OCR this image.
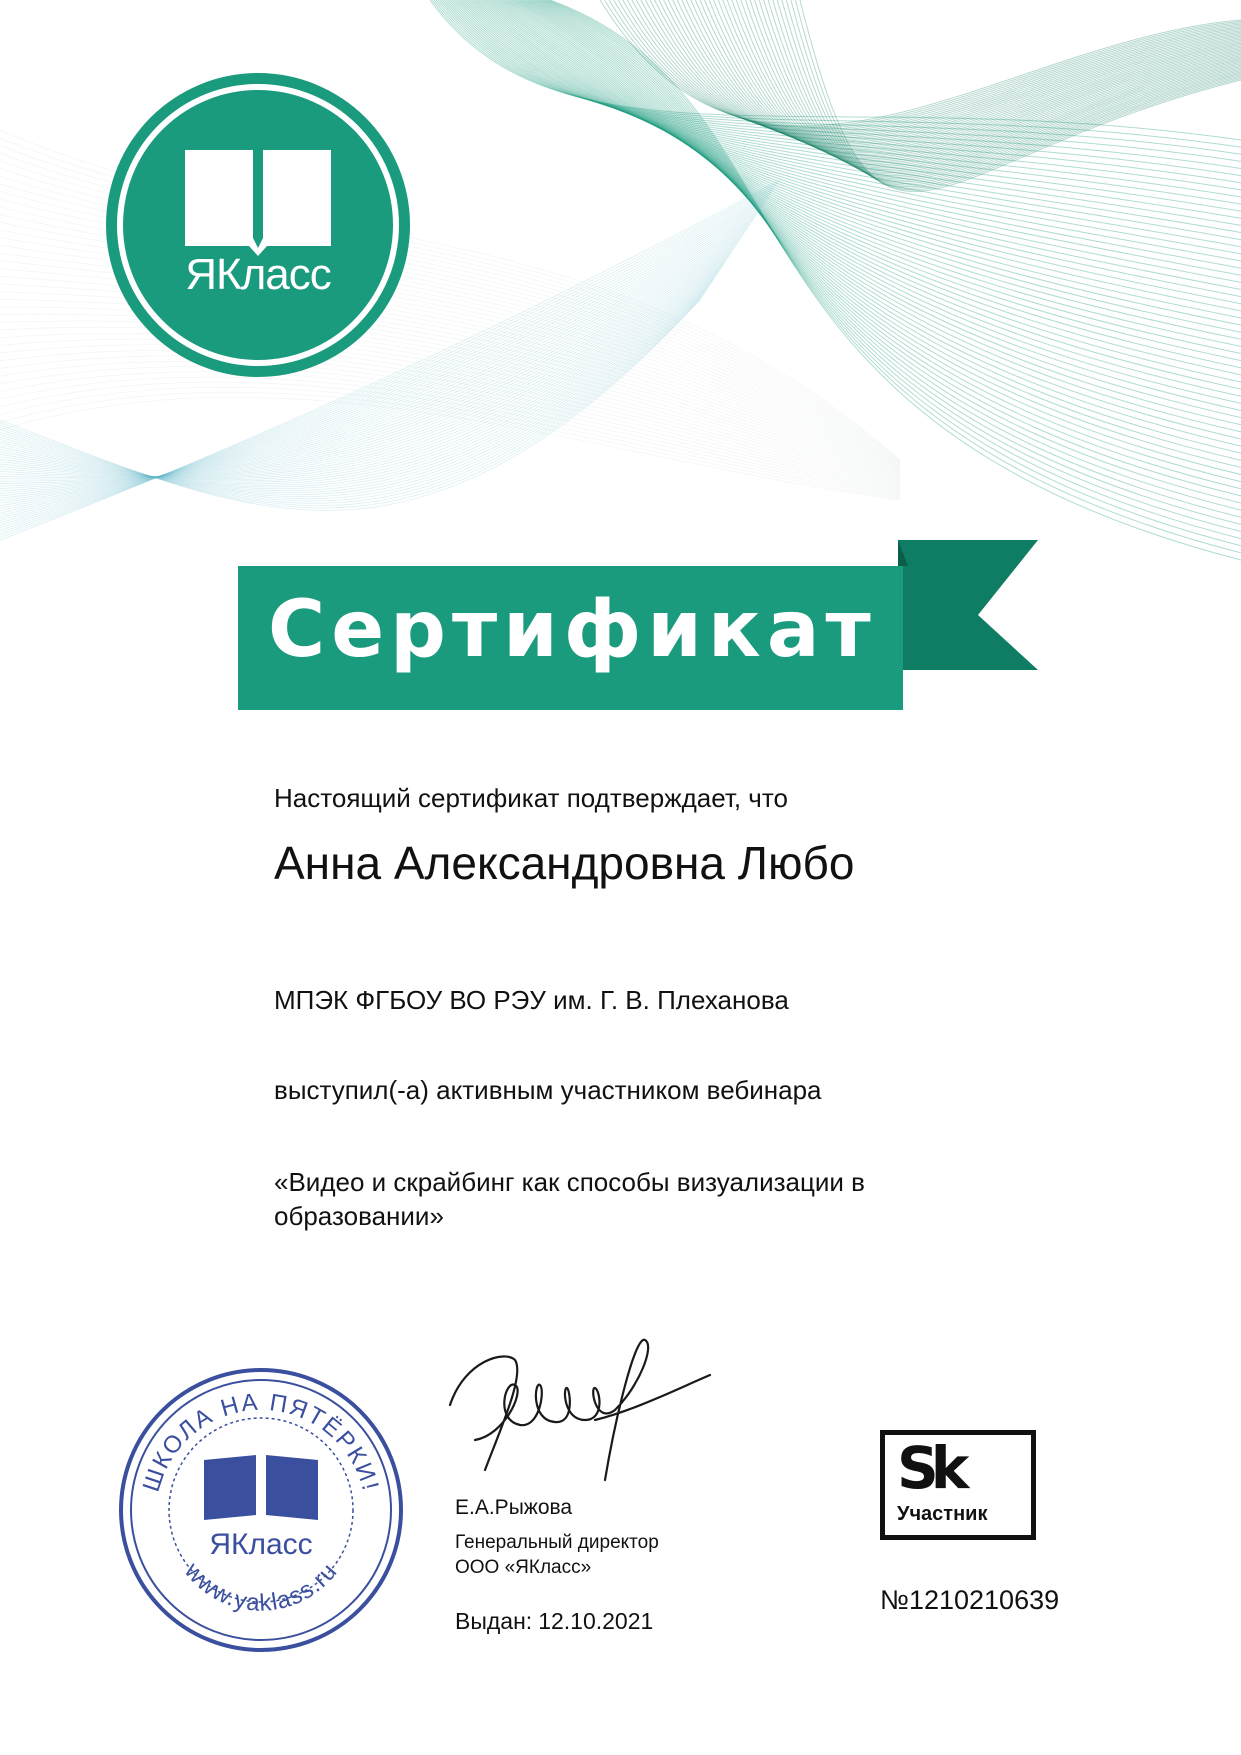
ЯКласс
Сертификат
Настоящий сертификат подтверждает, что
Анна Александровна Любо
МПЭК ФГБОУ ВО РЭУ им. Г. В. Плеханова
выступил(-а) активным участником вебинара
«Видео и скрайбинг как способы визуализации в образовании»
ШКОЛА НА ПЯТЁРКИ!
www.yaklass.ru
ЯКласс
Е.А.Рыжова
Генеральный директор
ООО «ЯКласс»
Выдан: 12.10.2021
Sk
Участник
№1210210639
